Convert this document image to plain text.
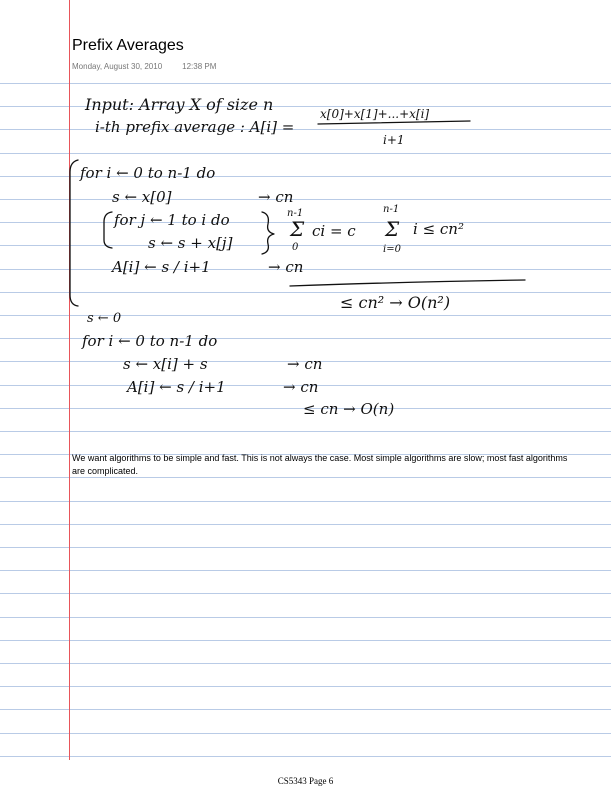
Prefix Averages
Monday, August 30, 2010	12:38 PM
Input: Array X of size n
i-th prefix average : A[i] =
x[0]+x[1]+...+x[i]
i+1
for i ← 0 to n-1 do
s ← x[0]	→ cn
for j ← 1 to i do
s ← s + x[j]
n-1
Σ
0
ci = c
n-1
Σ
i=0
i ≤ cn²
A[i] ← s / i+1	→ cn
≤ cn² → O(n²)
s ← 0
for i ← 0 to n-1 do
s ← x[i] + s	→ cn
A[i] ← s / i+1	→ cn
≤ cn → O(n)
We want algorithms to be simple and fast. This is not always the case. Most simple algorithms are slow; most fast algorithms are complicated.
CS5343 Page 6
